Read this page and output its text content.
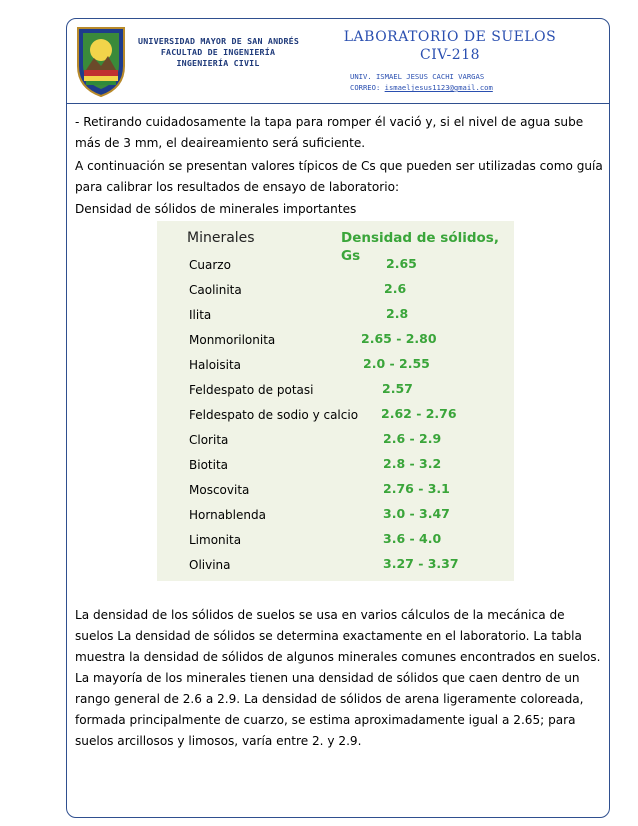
UNIVERSIDAD MAYOR DE SAN ANDRÉS
FACULTAD DE INGENIERÍA
INGENIERÍA CIVIL
LABORATORIO DE SUELOS
CIV-218
UNIV. ISMAEL JESUS CACHI VARGAS
CORREO: ismaeljesus1123@gmail.com
- Retirando cuidadosamente la tapa para romper él vació y, si el nivel de agua sube más de 3 mm, el deaireamiento será suficiente.
A continuación se presentan valores típicos de Cs que pueden ser utilizadas como guía para calibrar los resultados de ensayo de laboratorio:
Densidad de sólidos de minerales importantes
Minerales	Densidad de sólidos, Gs
Cuarzo	2.65
Caolinita	2.6
Ilita	2.8
Monmorilonita	2.65 - 2.80
Haloisita	2.0 - 2.55
Feldespato de potasi	2.57
Feldespato de sodio y calcio 2.62 - 2.76
Clorita	2.6 - 2.9
Biotita	2.8 - 3.2
Moscovita	2.76 - 3.1
Hornablenda	3.0 - 3.47
Limonita	3.6 - 4.0
Olivina	3.27 - 3.37
La densidad de los sólidos de suelos se usa en varios cálculos de la mecánica de suelos La densidad de sólidos se determina exactamente en el laboratorio. La tabla muestra la densidad de sólidos de algunos minerales comunes encontrados en suelos. La mayoría de los minerales tienen una densidad de sólidos que caen dentro de un rango general de 2.6 a 2.9. La densidad de sólidos de arena ligeramente coloreada, formada principalmente de cuarzo, se estima aproximadamente igual a 2.65; para suelos arcillosos y limosos, varía entre 2. y 2.9.
